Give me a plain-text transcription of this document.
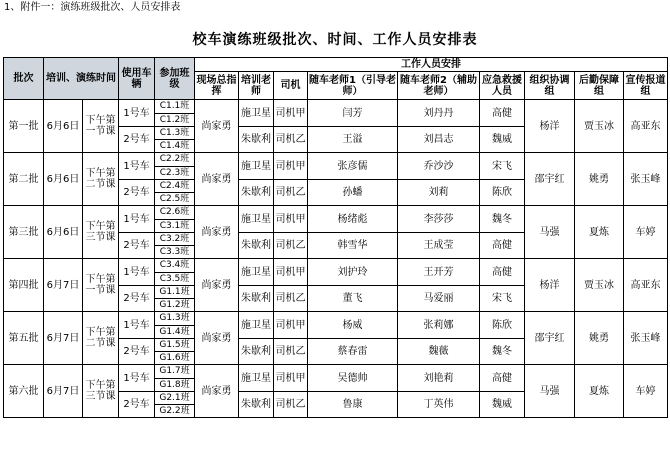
1、附件一：演练班级批次、人员安排表
校车演练班级批次、时间、工作人员安排表
批次	培训、演练时间		使用车辆	参加班级	工作人员安排								
					现场总指挥	培训老师	司机	随车老师1（引导老师）	随车老师2（辅助老师）	应急救援人员	组织协调组	后勤保障组	宣传报道组
第一批	6月6日	下午第一节课	1号车	C1.1班	尚家勇	施卫星	司机甲	闫芳	刘丹丹	高健	杨洋	贾玉冰	高亚东
				C1.2班									
			2号车	C1.3班		朱歇利	司机乙	王溢	刘昌志	魏威			
				C1.4班									
第二批	6月6日	下午第二节课	1号车	C2.2班	尚家勇	施卫星	司机甲	张彦儒	乔沙沙	宋飞	邵宇红	姚勇	张玉峰
				C2.3班									
			2号车	C2.4班		朱歇利	司机乙	孙蟠	刘莉	陈欣			
				C2.5班									
第三批	6月6日	下午第三节课	1号车	C2.6班	尚家勇	施卫星	司机甲	杨绪彪	李莎莎	魏冬	马强	夏炼	车婷
				C3.1班									
			2号车	C3.2班		朱歇利	司机乙	韩雪华	王成莹	高健			
				C3.3班									
第四批	6月7日	下午第一节课	1号车	C3.4班	尚家勇	施卫星	司机甲	刘护玲	王开芳	高健	杨洋	贾玉冰	高亚东
				C3.5班									
			2号车	G1.1班		朱歇利	司机乙	董飞	马爱丽	宋飞			
				G1.2班									
第五批	6月7日	下午第二节课	1号车	G1.3班	尚家勇	施卫星	司机甲	杨威	张莉娜	陈欣	邵宇红	姚勇	张玉峰
				G1.4班									
			2号车	G1.5班		朱歇利	司机乙	蔡春雷	魏薇	魏冬			
				G1.6班									
第六批	6月7日	下午第三节课	1号车	G1.7班	尚家勇	施卫星	司机甲	吴德帅	刘艳莉	高健	马强	夏炼	车婷
				G1.8班									
			2号车	G2.1班		朱歇利	司机乙	鲁康	丁英伟	魏威			
				G2.2班									
